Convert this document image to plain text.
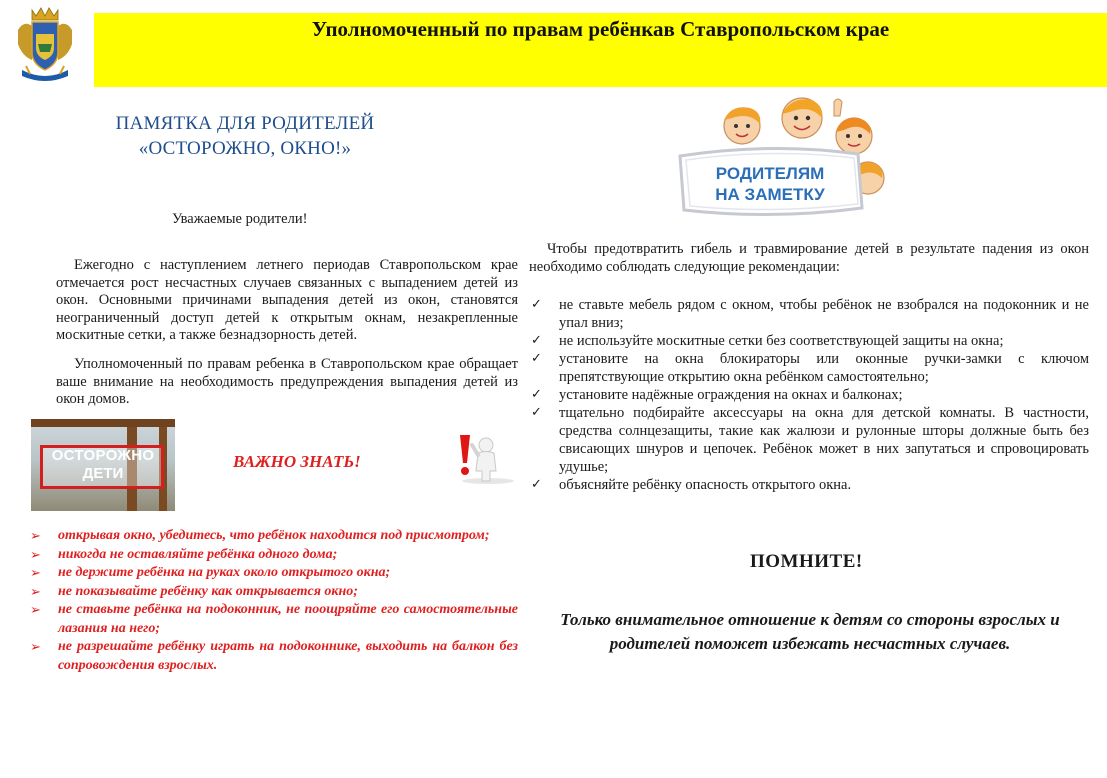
Уполномоченный по правам ребёнкав Ставропольском крае
ПАМЯТКА ДЛЯ РОДИТЕЛЕЙ
«ОСТОРОЖНО, ОКНО!»
Уважаемые родители!
Ежегодно с наступлением летнего периодав Ставропольском крае отмечается рост несчастных случаев связанных с выпадением детей из окон. Основными причинами выпадения детей из окон, становятся неограниченный доступ детей к открытым окнам, незакрепленные москитные сетки, а также безнадзорность детей.
Уполномоченный по правам ребенка в Ставропольском крае обращает ваше внимание на необходимость предупреждения выпадения детей из окон домов.
ОСТОРОЖНО
ДЕТИ
ВАЖНО ЗНАТЬ!
➢ открывая окно, убедитесь, что ребёнок находится под присмотром;
➢ никогда не оставляйте ребёнка одного дома;
➢ не держите ребёнка на руках около открытого окна;
➢ не показывайте ребёнку как открывается окно;
➢ не ставьте ребёнка на подоконник, не поощряйте его самостоятельные лазания на него;
➢ не разрешайте ребёнку играть на подоконнике, выходить на балкон без сопровождения взрослых.
РОДИТЕЛЯМ
НА ЗАМЕТКУ
Чтобы предотвратить гибель и травмирование детей в результате падения из окон необходимо соблюдать следующие рекомендации:
✓ не ставьте мебель рядом с окном, чтобы ребёнок не взобрался на подоконник и не упал вниз;
✓ не используйте москитные сетки без соответствующей защиты на окна;
✓ установите на окна блокираторы или оконные ручки-замки с ключом препятствующие открытию окна ребёнком самостоятельно;
✓ установите надёжные ограждения на окнах и балконах;
✓ тщательно подбирайте аксессуары на окна для детской комнаты. В частности, средства солнцезащиты, такие как жалюзи и рулонные шторы должные быть без свисающих шнуров и цепочек. Ребёнок может в них запутаться и спровоцировать удушье;
✓ объясняйте ребёнку опасность открытого окна.
ПОМНИТЕ!
Только внимательное отношение к детям со стороны взрослых и родителей поможет избежать несчастных случаев.
